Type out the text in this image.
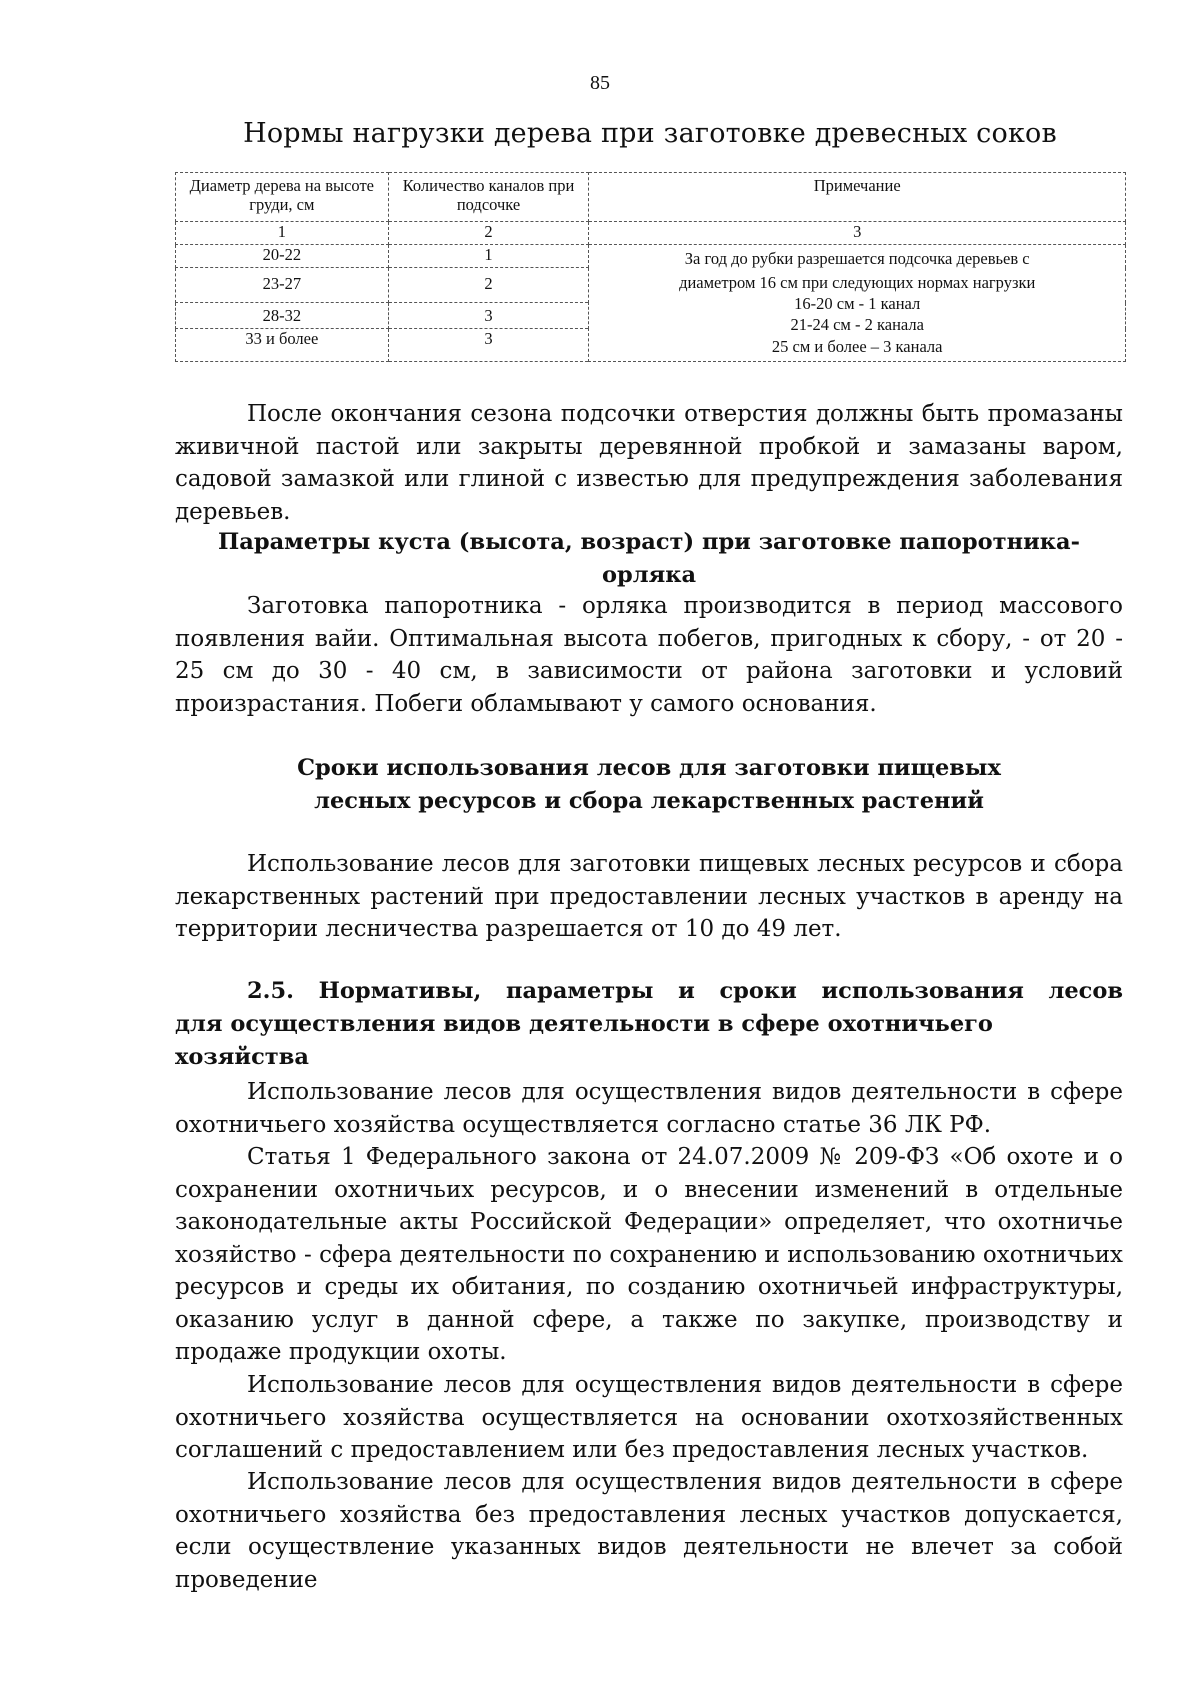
85
Нормы нагрузки дерева при заготовке древесных соков
Диаметр дерева на высоте груди, см	Количество каналов при подсочке	Примечание
1	2	3
20-22	1	За год до рубки разрешается подсочка деревьев с
диаметром 16 см при следующих нормах нагрузки
16-20 см - 1 канал
21-24 см - 2 канала
25 см и более – 3 канала

23-27	2	
28-32	3	
33 и более	3	
После окончания сезона подсочки отверстия должны быть промазаны живичной пастой или закрыты деревянной пробкой и замазаны варом, садовой замазкой или глиной с известью для предупреждения заболевания деревьев.
Параметры куста (высота, возраст) при заготовке папоротника-орляка
Заготовка папоротника - орляка производится в период массового появления вайи. Оптимальная высота побегов, пригодных к сбору, - от 20 - 25 см до 30 - 40 см, в зависимости от района заготовки и условий произрастания. Побеги обламывают у самого основания.
Сроки использования лесов для заготовки пищевых
лесных ресурсов и сбора лекарственных растений
Использование лесов для заготовки пищевых лесных ресурсов и сбора лекарственных растений при предоставлении лесных участков в аренду на территории лесничества разрешается от 10 до 49 лет.
2.5. Нормативы, параметры и сроки использования лесов
для осуществления видов деятельности в сфере охотничьего хозяйства
Использование лесов для осуществления видов деятельности в сфере охотничьего хозяйства осуществляется согласно статье 36 ЛК РФ.
Статья 1 Федерального закона от 24.07.2009 № 209-ФЗ «Об охоте и о сохранении охотничьих ресурсов, и о внесении изменений в отдельные законодательные акты Российской Федерации» определяет, что охотничье хозяйство - сфера деятельности по сохранению и использованию охотничьих ресурсов и среды их обитания, по созданию охотничьей инфраструктуры, оказанию услуг в данной сфере, а также по закупке, производству и продаже продукции охоты.
Использование лесов для осуществления видов деятельности в сфере охотничьего хозяйства осуществляется на основании охотхозяйственных соглашений с предоставлением или без предоставления лесных участков.
Использование лесов для осуществления видов деятельности в сфере охотничьего хозяйства без предоставления лесных участков допускается, если осуществление указанных видов деятельности не влечет за собой проведение
